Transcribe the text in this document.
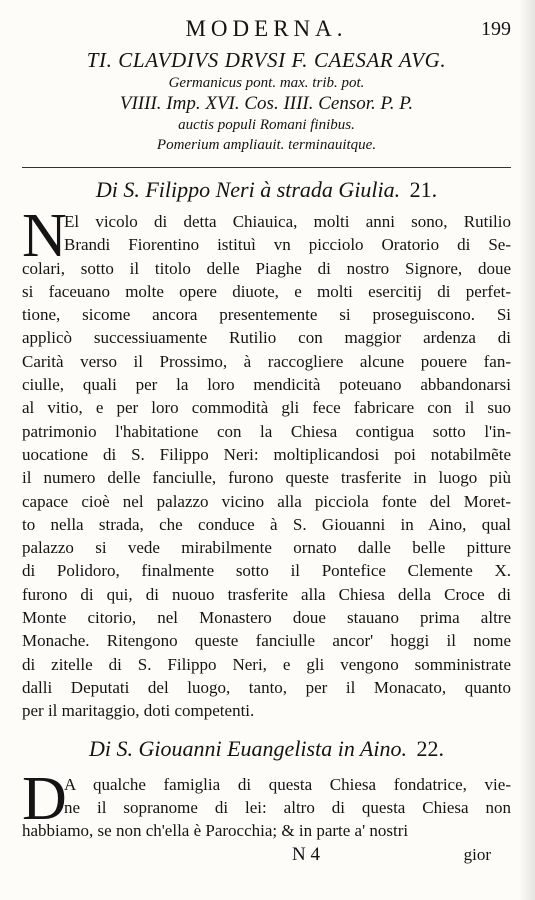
MODERNA.	199
TI. CLAVDIVS DRVSI F. CAESAR AVG.
Germanicus pont. max. trib. pot.
VIIII. Imp. XVI. Cos. IIII. Censor. P. P.
auctis populi Romani finibus.
Pomerium ampliauit. terminauitque.
Di S. Filippo Neri à strada Giulia. 21.
N
El vicolo di detta Chiauica, molti anni sono, Rutilio
Brandi Fiorentino istituì vn picciolo Oratorio di Se-
colari, sotto il titolo delle Piaghe di nostro Signore, doue
si faceuano molte opere diuote, e molti esercitij di perfet-
tione, sicome ancora presentemente si proseguiscono. Si
applicò successiuamente Rutilio con maggior ardenza di
Carità verso il Prossimo, à raccogliere alcune pouere fan-
ciulle, quali per la loro mendicità poteuano abbandonarsi
al vitio, e per loro commodità gli fece fabricare con il suo
patrimonio l'habitatione con la Chiesa contigua sotto l'in-
uocatione di S. Filippo Neri: moltiplicandosi poi notabilmẽte
il numero delle fanciulle, furono queste trasferite in luogo più
capace cioè nel palazzo vicino alla picciola fonte del Moret-
to nella strada, che conduce à S. Giouanni in Aino, qual
palazzo si vede mirabilmente ornato dalle belle pitture
di Polidoro, finalmente sotto il Pontefice Clemente X.
furono di qui, di nuouo trasferite alla Chiesa della Croce di
Monte citorio, nel Monastero doue stauano prima altre
Monache. Ritengono queste fanciulle ancor' hoggi il nome
di zitelle di S. Filippo Neri, e gli vengono somministrate
dalli Deputati del luogo, tanto, per il Monacato, quanto
per il maritaggio, doti competenti.
Di S. Giouanni Euangelista in Aino. 22.
D
A qualche famiglia di questa Chiesa fondatrice, vie-
ne il sopranome di lei: altro di questa Chiesa non
habbiamo, se non ch'ella è Parocchia; & in parte a' nostri
N 4	gior
